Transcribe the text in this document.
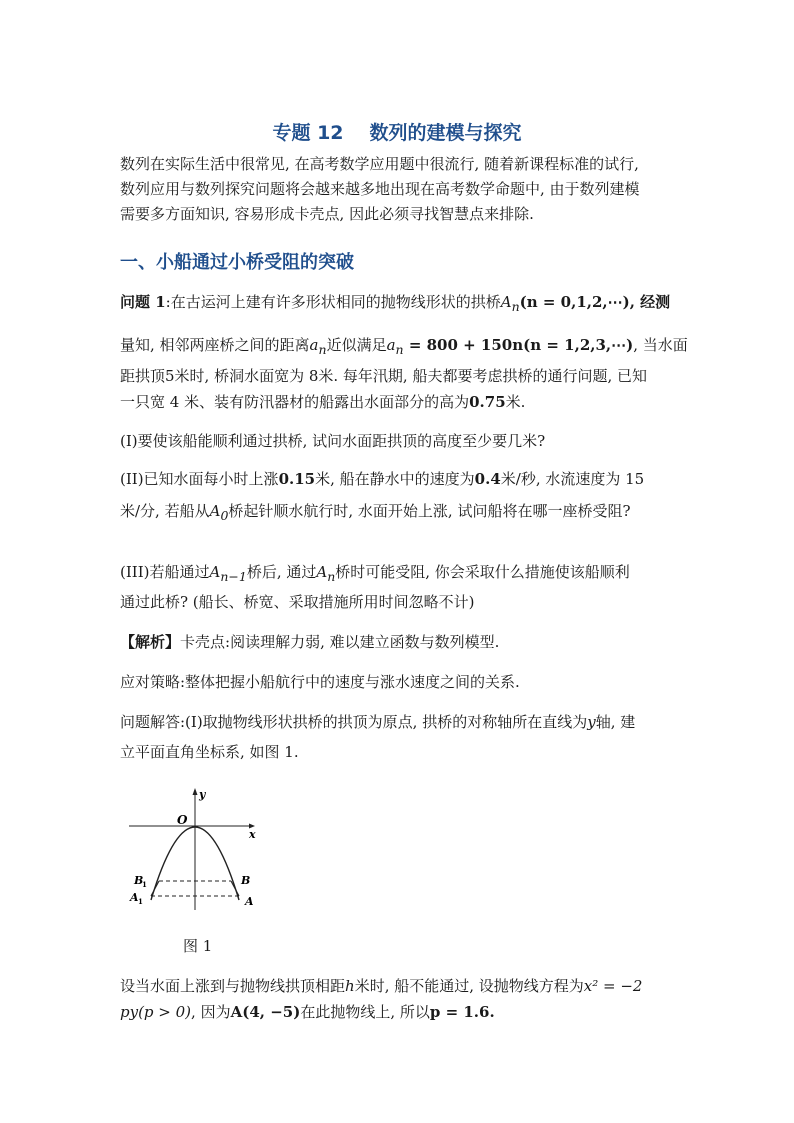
专题 12 数列的建模与探究

数列在实际生活中很常见, 在高考数学应用题中很流行, 随着新课程标准的试行,

数列应用与数列探究问题将会越来越多地出现在高考数学命题中, 由于数列建模

需要多方面知识, 容易形成卡壳点, 因此必须寻找智慧点来排除.

一、小船通过小桥受阻的突破

问题 1:在古运河上建有许多形状相同的抛物线形状的拱桥$A_n(n$ = 0,1,2,⋯), 经测

量知, 相邻两座桥之间的距离$a_n$近似满足$a_n = 800 + 150n(n$ = 1,2,3,⋯), 当水面

距拱顶5米时, 桥洞水面宽为 8米. 每年汛期, 船夫都要考虑拱桥的通行问题, 已知

一只宽 4 米、装有防汛器材的船露出水面部分的高为0.75米.

(I)要使该船能顺利通过拱桥, 试问水面距拱顶的高度至少要几米?

(II)已知水面每小时上涨0.15米, 船在静水中的速度为0.4米/秒, 水流速度为 15

米/分, 若船从$A_0$桥起针顺水航行时, 水面开始上涨, 试问船将在哪一座桥受阻?

(III)若船通过$A_{n-1}$桥后, 通过$A_n$桥时可能受阻, 你会采取什么措施使该船顺利

通过此桥? (船长、桥宽、采取措施所用时间忽略不计)

【解析】卡壳点:阅读理解力弱, 难以建立函数与数列模型.

应对策略:整体把握小船航行中的速度与涨水速度之间的关系.

问题解答:(I)取抛物线形状拱桥的拱顶为原点, 拱桥的对称轴所在直线为y轴, 建

立平面直角坐标系, 如图 1.

y
x
O
B
1
A 1
B
A
图 1

设当水面上涨到与抛物线拱顶相距h米时, 船不能通过, 设抛物线方程为x² = −2

py(p > 0), 因为A(4, −5)在此抛物线上, 所以p = 1.6.
